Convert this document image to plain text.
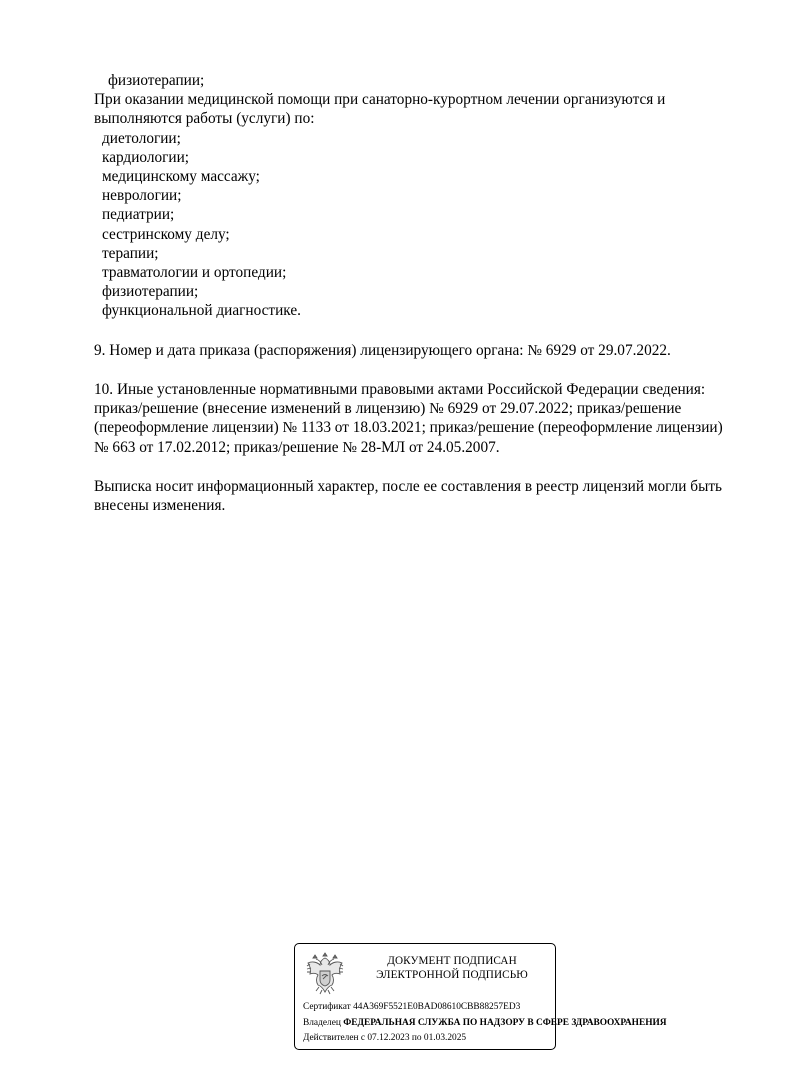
физиотерапии;
При оказании медицинской помощи при санаторно-курортном лечении организуются и
выполняются работы (услуги) по:
диетологии;
кардиологии;
медицинскому массажу;
неврологии;
педиатрии;
сестринскому делу;
терапии;
травматологии и ортопедии;
физиотерапии;
функциональной диагностике.
9. Номер и дата приказа (распоряжения) лицензирующего органа: № 6929 от 29.07.2022.
10. Иные установленные нормативными правовыми актами Российской Федерации сведения:
приказ/решение (внесение изменений в лицензию) № 6929 от 29.07.2022; приказ/решение
(переоформление лицензии) № 1133 от 18.03.2021; приказ/решение (переоформление лицензии)
№ 663 от 17.02.2012; приказ/решение № 28-МЛ от 24.05.2007.
Выписка носит информационный характер, после ее составления в реестр лицензий могли быть
внесены изменения.
ДОКУМЕНТ ПОДПИСАН
ЭЛЕКТРОННОЙ ПОДПИСЬЮ
Сертификат 44A369F5521E0BAD08610CBB88257ED3
Владелец ФЕДЕРАЛЬНАЯ СЛУЖБА ПО НАДЗОРУ В СФЕРЕ ЗДРАВООХРАНЕНИЯ
Действителен с 07.12.2023 по 01.03.2025
